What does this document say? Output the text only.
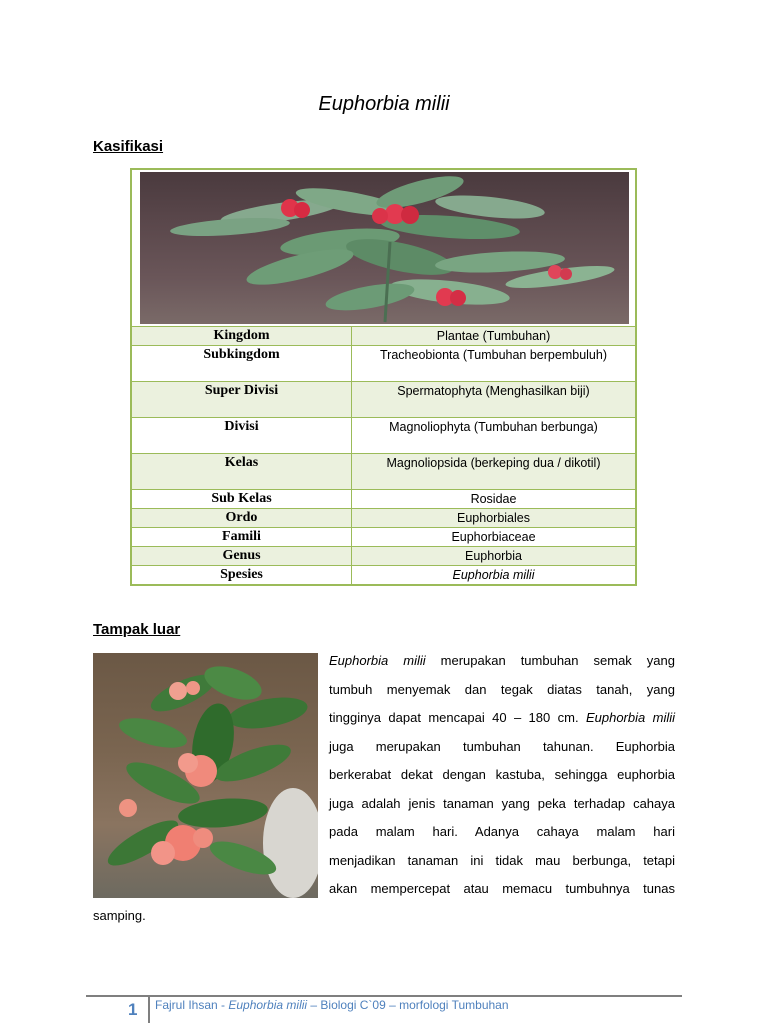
Euphorbia milii
Kasifikasi
Kingdom	Plantae (Tumbuhan)
Subkingdom	Tracheobionta (Tumbuhan berpembuluh)
Super Divisi	Spermatophyta (Menghasilkan biji)
Divisi	Magnoliophyta (Tumbuhan berbunga)
Kelas	Magnoliopsida (berkeping dua / dikotil)
Sub Kelas	Rosidae
Ordo	Euphorbiales
Famili	Euphorbiaceae
Genus	Euphorbia
Spesies	Euphorbia milii
Tampak luar
Euphorbia milii merupakan tumbuhan semak yang
tumbuh menyemak dan tegak diatas tanah, yang
tingginya dapat mencapai 40 – 180 cm. Euphorbia milii
juga merupakan tumbuhan tahunan. Euphorbia
berkerabat dekat dengan kastuba, sehingga euphorbia
juga adalah jenis tanaman yang peka terhadap cahaya
pada malam hari. Adanya cahaya malam hari
menjadikan tanaman ini tidak mau berbunga, tetapi
akan mempercepat atau memacu tumbuhnya tunas
samping.
1 Fajrul Ihsan - Euphorbia milii – Biologi C`09 – morfologi Tumbuhan
